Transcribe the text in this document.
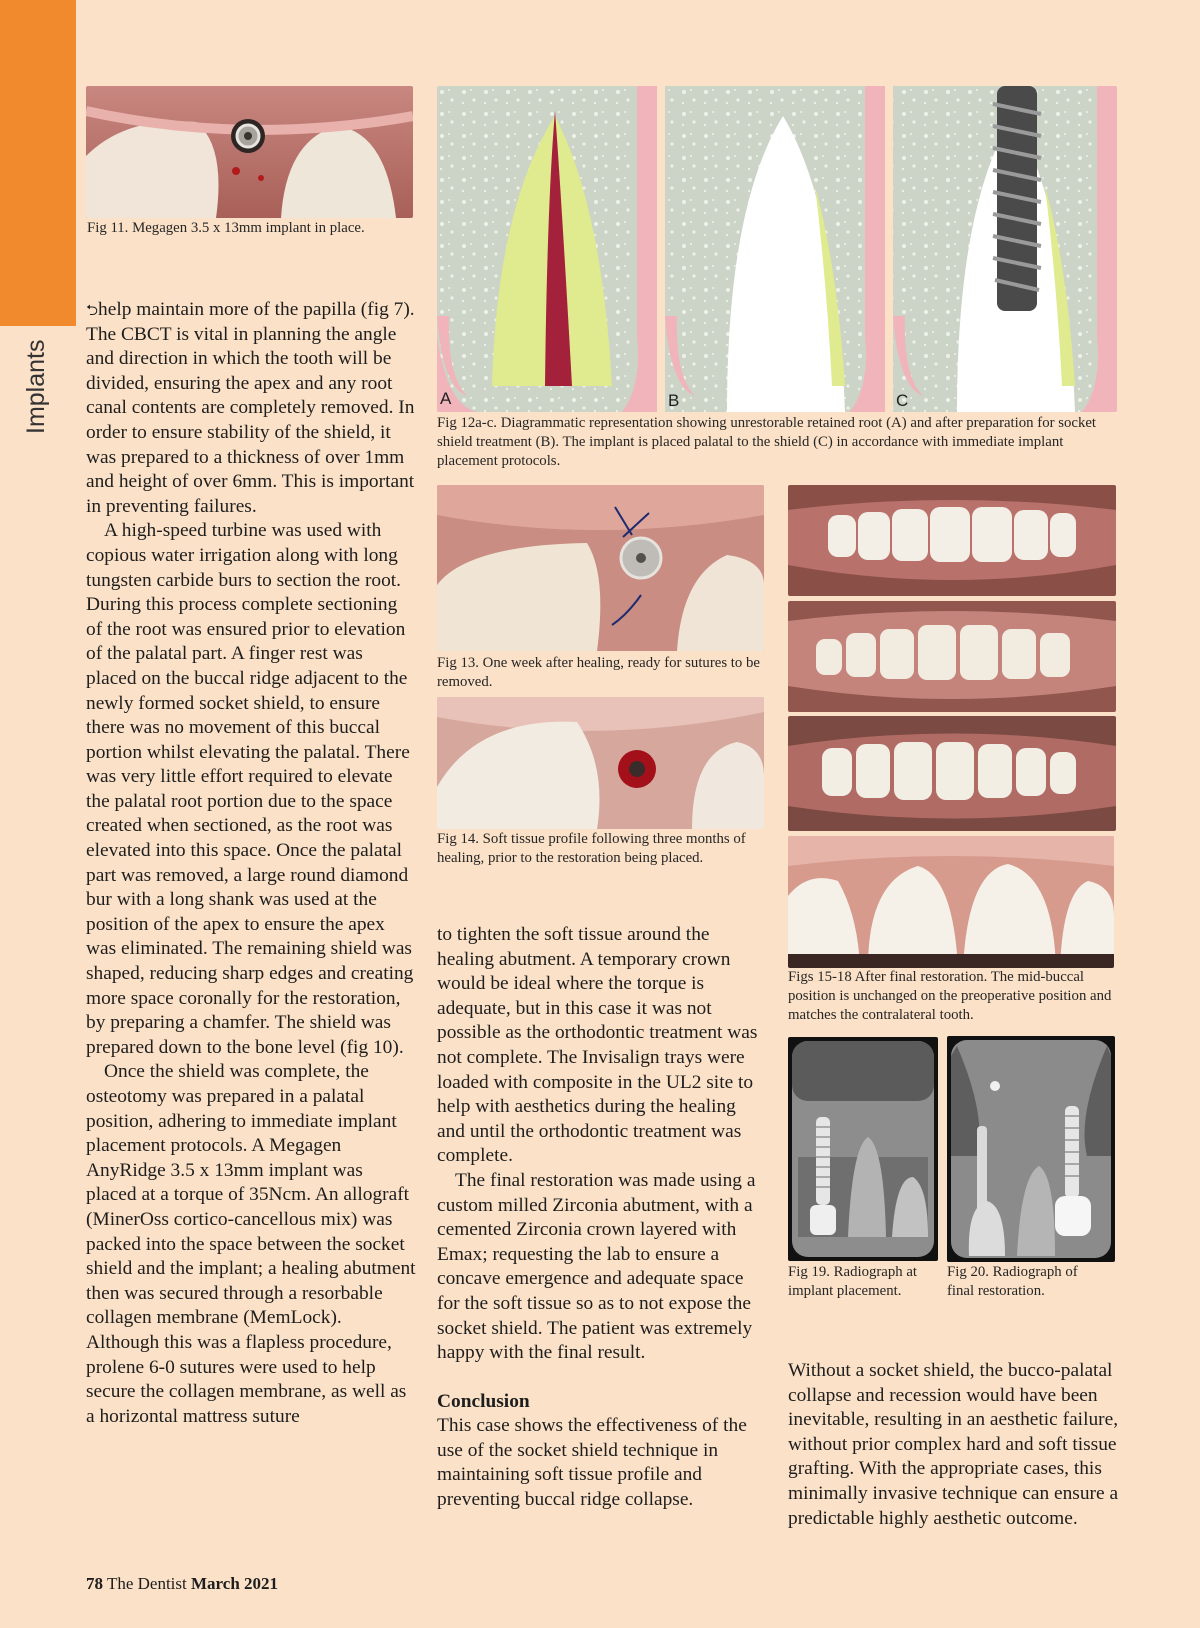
Implants
Fig 11. Megagen 3.5 x 13mm implant in place.
A	B	C
Fig 12a-c. Diagrammatic representation showing unrestorable retained root (A) and after preparation for socket shield treatment (B). The implant is placed palatal to the shield (C) in accordance with immediate implant placement protocols.
Fig 13. One week after healing, ready for sutures to be removed.
Fig 14. Soft tissue profile following three months of healing, prior to the restoration being placed.
Figs 15-18 After final restoration. The mid-buccal position is unchanged on the preoperative position and matches the contralateral tooth.
Fig 19. Radiograph at implant placement.
Fig 20. Radiograph of final restoration.

⮌help maintain more of the papilla (fig 7). The CBCT is vital in planning the angle and direction in which the tooth will be divided, ensuring the apex and any root canal contents are completely removed. In order to ensure stability of the shield, it was prepared to a thickness of over 1mm and height of over 6mm. This is important in preventing failures.

A high-speed turbine was used with copious water irrigation along with long tungsten carbide burs to section the root. During this process complete sectioning of the root was ensured prior to elevation of the palatal part. A finger rest was placed on the buccal ridge adjacent to the newly formed socket shield, to ensure there was no movement of this buccal portion whilst elevating the palatal. There was very little effort required to elevate the palatal root portion due to the space created when sectioned, as the root was elevated into this space. Once the palatal part was removed, a large round diamond bur with a long shank was used at the position of the apex to ensure the apex was eliminated. The remaining shield was shaped, reducing sharp edges and creating more space coronally for the restoration, by preparing a chamfer. The shield was prepared down to the bone level (fig 10).

Once the shield was complete, the osteotomy was prepared in a palatal position, adhering to immediate implant placement protocols. A Megagen AnyRidge 3.5 x 13mm implant was placed at a torque of 35Ncm. An allograft (MinerOss cortico-cancellous mix) was packed into the space between the socket shield and the implant; a healing abutment then was secured through a resorbable collagen membrane (MemLock). Although this was a flapless procedure, prolene 6-0 sutures were used to help secure the collagen membrane, as well as a horizontal mattress suture

to tighten the soft tissue around the healing abutment. A temporary crown would be ideal where the torque is adequate, but in this case it was not possible as the orthodontic treatment was not complete. The Invisalign trays were loaded with composite in the UL2 site to help with aesthetics during the healing and until the orthodontic treatment was complete.

The final restoration was made using a custom milled Zirconia abutment, with a cemented Zirconia crown layered with Emax; requesting the lab to ensure a concave emergence and adequate space for the soft tissue so as to not expose the socket shield. The patient was extremely happy with the final result.

Conclusion

This case shows the effectiveness of the use of the socket shield technique in maintaining soft tissue profile and preventing buccal ridge collapse.

Without a socket shield, the bucco-palatal collapse and recession would have been inevitable, resulting in an aesthetic failure, without prior complex hard and soft tissue grafting. With the appropriate cases, this minimally invasive technique can ensure a predictable highly aesthetic outcome.

78 The Dentist March 2021
